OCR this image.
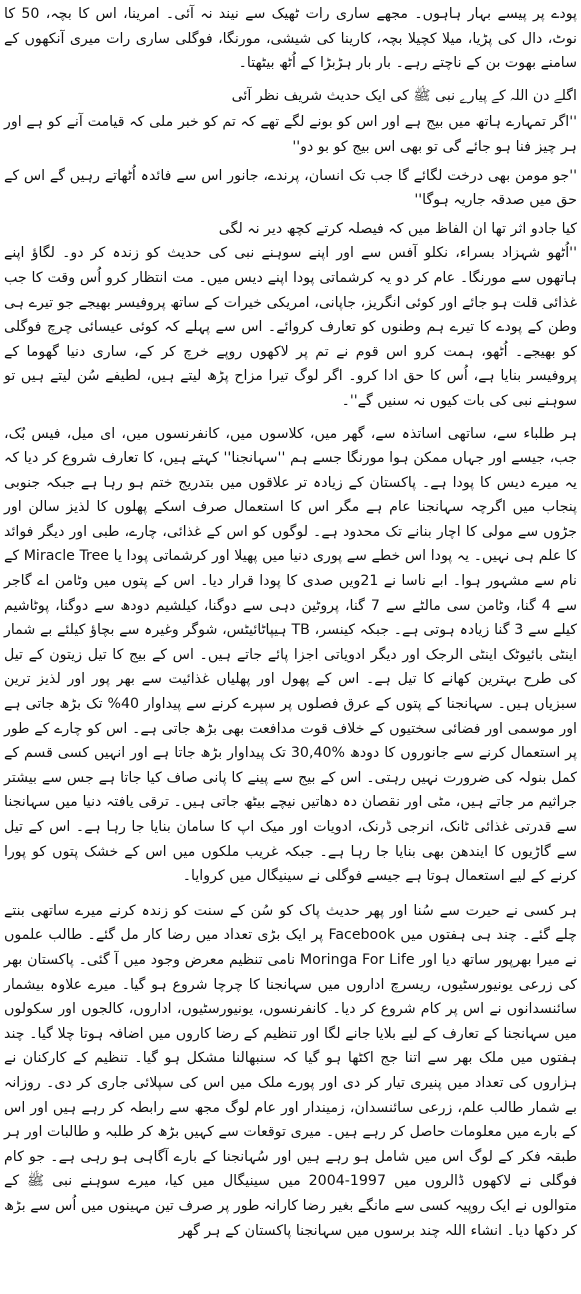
پودے پر پیسے بہار ہاہوں۔ مجھے ساری رات ٹھیک سے نیند نہ آئی۔ امرینا، اس کا بچہ، 50 کا نوٹ، دال کی پڑیا، میلا کچیلا بچہ، کارینا کی شیشی، مورنگا، فوگلی ساری رات میری آنکھوں کے سامنے بھوت بن کے ناچتے رہے۔ بار بار ہڑبڑا کے اُٹھ بیٹھتا۔

اگلے دن اللہ کے پیارے نبی ﷺ کی ایک حدیث شریف نظر آئی

''اگر تمہارے ہاتھ میں بیج ہے اور اس کو بونے لگے تھے کہ تم کو خبر ملی کہ قیامت آنے کو ہے اور ہر چیز فنا ہو جائے گی تو بھی اس بیج کو بو دو''

''جو مومن بھی درخت لگائے گا جب تک انسان، پرندے، جانور اس سے فائدہ اُٹھاتے رہیں گے اس کے حق میں صدقہ جاریہ ہوگا''

کیا جادو اثر تھا ان الفاظ میں کہ فیصلہ کرتے کچھ دیر نہ لگی

''اُٹھو شہزاد بسراء، نکلو آفس سے اور اپنے سوہنے نبی کی حدیث کو زندہ کر دو۔ لگاؤ اپنے ہاتھوں سے مورنگا۔ عام کر دو یہ کرشماتی پودا اپنے دیس میں۔ مت انتظار کرو اُس وقت کا جب غذائی قلت ہو جائے اور کوئی انگریز، جاپانی، امریکی خیرات کے ساتھ پروفیسر بھیجے جو تیرے ہی وطن کے پودے کا تیرے ہم وطنوں کو تعارف کروائے۔ اس سے پہلے کہ کوئی عیسائی چرچ فوگلی کو بھیجے۔ اُٹھو، ہمت کرو اس قوم نے تم پر لاکھوں روپے خرچ کر کے، ساری دنیا گھوما کے پروفیسر بنایا ہے، اُس کا حق ادا کرو۔ اگر لوگ تیرا مزاح پڑھ لیتے ہیں، لطیفے سُن لیتے ہیں تو سوہنے نبی کی بات کیوں نہ سنیں گے''۔

ہر طلباء سے، ساتھی اساتذہ سے، گھر میں، کلاسوں میں، کانفرنسوں میں، ای میل، فیس بُک، جب، جیسے اور جہاں ممکن ہوا مورنگا جسے ہم ''سہانجنا'' کہتے ہیں، کا تعارف شروع کر دیا کہ یہ میرے دیس کا پودا ہے۔ پاکستان کے زیادہ تر علاقوں میں بتدریج ختم ہو رہا ہے جبکہ جنوبی پنجاب میں اگرچہ سہانجنا عام ہے مگر اس کا استعمال صرف اسکے پھلوں کا لذیز سالن اور جڑوں سے مولی کا اچار بنانے تک محدود ہے۔ لوگوں کو اس کے غذائی، چارے، طبی اور دیگر فوائد کا علم ہی نہیں۔ یہ پودا اس خطے سے پوری دنیا میں پھیلا اور کرشماتی پودا یا Miracle Tree کے نام سے مشہور ہوا۔ ابے ناسا نے 21ویں صدی کا پودا قرار دیا۔ اس کے پتوں میں وٹامن اے گاجر سے 4 گنا، وٹامن سی مالٹے سے 7 گنا، پروٹین دہی سے دوگنا، کیلشیم دودھ سے دوگنا، پوٹاشیم کیلے سے 3 گنا زیادہ ہوتی ہے۔ جبکہ کینسر، TB ہیپاٹائیٹس، شوگر وغیرہ سے بچاؤ کیلئے بے شمار اینٹی بائیوٹک اینٹی الرجک اور دیگر ادویاتی اجزا پائے جاتے ہیں۔ اس کے بیج کا تیل زیتون کے تیل کی طرح بہترین کھانے کا تیل ہے۔ اس کے پھول اور پھلیاں غذائیت سے بھر پور اور لذیز ترین سبزیاں ہیں۔ سہانجنا کے پتوں کے عرق فصلوں پر سپرے کرنے سے پیداوار 40% تک بڑھ جاتی ہے اور موسمی اور فضائی سختیوں کے خلاف قوت مدافعت بھی بڑھ جاتی ہے۔ اس کو چارے کے طور پر استعمال کرنے سے جانوروں کا دودھ %30,40 تک پیداوار بڑھ جاتا ہے اور انہیں کسی قسم کے کمل بنولہ کی ضرورت نہیں رہتی۔ اس کے بیج سے پینے کا پانی صاف کیا جاتا ہے جس سے بیشتر جراثیم مر جاتے ہیں، مٹی اور نقصان دہ دھاتیں نیچے بیٹھ جاتی ہیں۔ ترقی یافتہ دنیا میں سہانجنا سے قدرتی غذائی ٹانک، انرجی ڈرنک، ادویات اور میک اپ کا سامان بنایا جا رہا ہے۔ اس کے تیل سے گاڑیوں کا ایندھن بھی بنایا جا رہا ہے۔ جبکہ غریب ملکوں میں اس کے خشک پتوں کو پورا کرنے کے لیے استعمال ہوتا ہے جیسے فوگلی نے سینیگال میں کروایا۔

ہر کسی نے حیرت سے سُنا اور پھر حدیث پاک کو سُن کے سنت کو زندہ کرنے میرے ساتھی بنتے چلے گئے۔ چند ہی ہفتوں میں Facebook پر ایک بڑی تعداد میں رضا کار مل گئے۔ طالب علموں نے میرا بھرپور ساتھ دیا اور Moringa For Life نامی تنظیم معرض وجود میں آ گئی۔ پاکستان بھر کی زرعی یونیورسٹیوں، ریسرچ اداروں میں سہانجنا کا چرچا شروع ہو گیا۔ میرے علاوہ بیشمار سائنسدانوں نے اس پر کام شروع کر دیا۔ کانفرنسوں، یونیورسٹیوں، اداروں، کالجوں اور سکولوں میں سہانجنا کے تعارف کے لیے بلایا جانے لگا اور تنظیم کے رضا کاروں میں اضافہ ہوتا چلا گیا۔ چند ہفتوں میں ملک بھر سے اتنا جج اکٹھا ہو گیا کہ سنبھالنا مشکل ہو گیا۔ تنظیم کے کارکنان نے ہزاروں کی تعداد میں پنیری تیار کر دی اور پورے ملک میں اس کی سپلائی جاری کر دی۔ روزانہ بے شمار طالب علم، زرعی سائنسدان، زمیندار اور عام لوگ مجھ سے رابطہ کر رہے ہیں اور اس کے بارے میں معلومات حاصل کر رہے ہیں۔ میری توقعات سے کہیں بڑھ کر طلبہ و طالبات اور ہر طبقہ فکر کے لوگ اس میں شامل ہو رہے ہیں اور سُہانجنا کے بارے آگاہی ہو رہی ہے۔ جو کام فوگلی نے لاکھوں ڈالروں میں 1997-2004 میں سینیگال میں کیا، میرے سوہنے نبی ﷺ کے متوالوں نے ایک روپیہ کسی سے مانگے بغیر رضا کارانہ طور پر صرف تین مہینوں میں اُس سے بڑھ کر دکھا دیا۔ انشاء اللہ چند برسوں میں سہانجنا پاکستان کے ہر گھر
